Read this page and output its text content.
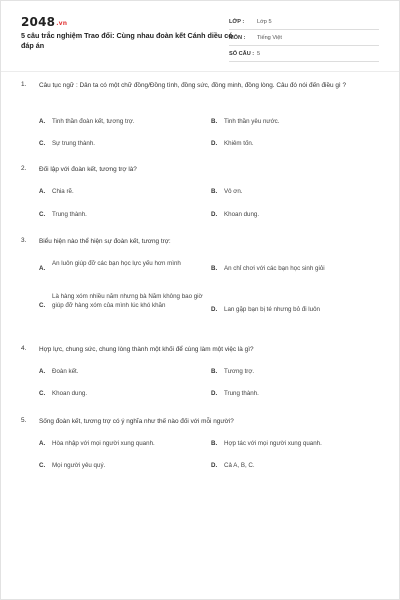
2048.vn
5 câu trắc nghiệm Trao đổi: Cùng nhau đoàn kết Cánh diều có đáp án
LỚP :	Lớp 5
MÔN :	Tiếng Việt
SỐ CÂU : 5
1. Câu tục ngữ : Dân ta có một chữ đồng/Đồng tình, đồng sức, đồng minh, đồng lòng. Câu đó nói đến điều gì ?
A. Tinh thần đoàn kết, tương trợ.	B. Tinh thần yêu nước.
C. Sự trung thành.	D. Khiêm tốn.
2. Đối lập với đoàn kết, tương trợ là?
A. Chia rẽ.	B. Vô ơn.
C. Trung thành.	D. Khoan dung.
3. Biểu hiện nào thể hiện sự đoàn kết, tương trợ:
A.
An luôn giúp đỡ các bạn học lực yếu hơn mình
B. An chỉ chơi với các bạn học sinh giỏi
C.
Là hàng xóm nhiều năm nhưng bà Năm không bao giờ giúp đỡ hàng xóm của mình lúc khó khăn
D. Lan gặp bạn bị té nhưng bỏ đi luôn
4. Hợp lực, chung sức, chung lòng thành một khối để cùng làm một việc là gì?
A. Đoàn kết.	B. Tương trợ.
C. Khoan dung.	D. Trung thành.
5. Sống đoàn kết, tương trợ có ý nghĩa như thế nào đối với mỗi người?
A. Hòa nhập với mọi người xung quanh.	B. Hợp tác với mọi người xung quanh.
C. Mọi người yêu quý.	D. Cả A, B, C.
